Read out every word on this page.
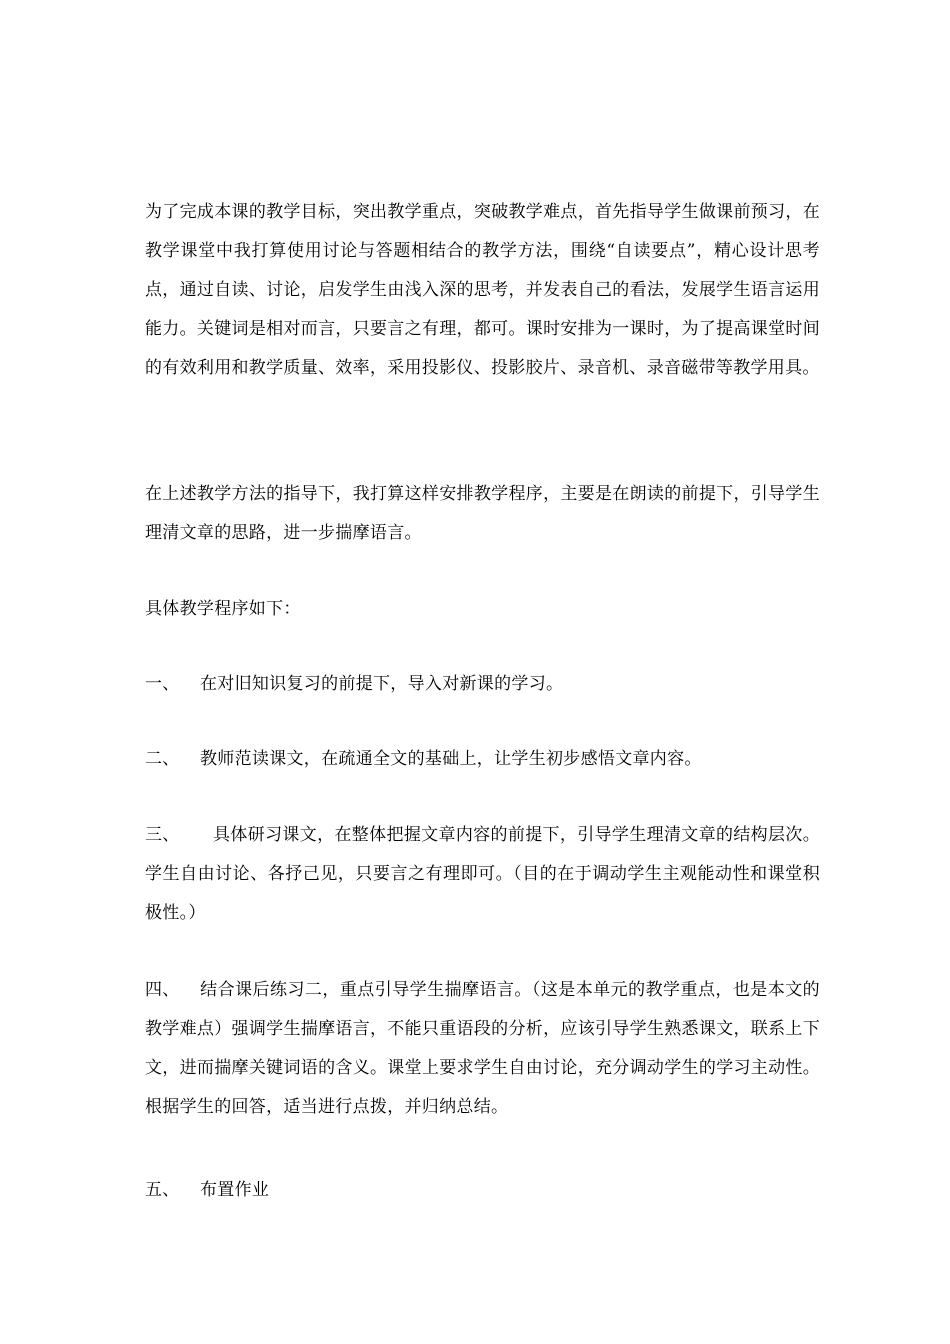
为了完成本课的教学目标，突出教学重点，突破教学难点，首先指导学生做课前预习，在教学课堂中我打算使用讨论与答题相结合的教学方法，围绕“自读要点”，精心设计思考点，通过自读、讨论，启发学生由浅入深的思考，并发表自己的看法，发展学生语言运用能力。关键词是相对而言，只要言之有理，都可。课时安排为一课时，为了提高课堂时间的有效利用和教学质量、效率，采用投影仪、投影胶片、录音机、录音磁带等教学用具。
在上述教学方法的指导下，我打算这样安排教学程序，主要是在朗读的前提下，引导学生理清文章的思路，进一步揣摩语言。
具体教学程序如下：
一、 在对旧知识复习的前提下，导入对新课的学习。
二、 教师范读课文，在疏通全文的基础上，让学生初步感悟文章内容。
三、 具体研习课文，在整体把握文章内容的前提下，引导学生理清文章的结构层次。学生自由讨论、各抒己见，只要言之有理即可。（目的在于调动学生主观能动性和课堂积极性。）
四、 结合课后练习二，重点引导学生揣摩语言。（这是本单元的教学重点，也是本文的教学难点）强调学生揣摩语言，不能只重语段的分析，应该引导学生熟悉课文，联系上下文，进而揣摩关键词语的含义。课堂上要求学生自由讨论，充分调动学生的学习主动性。根据学生的回答，适当进行点拨，并归纳总结。
五、 布置作业
